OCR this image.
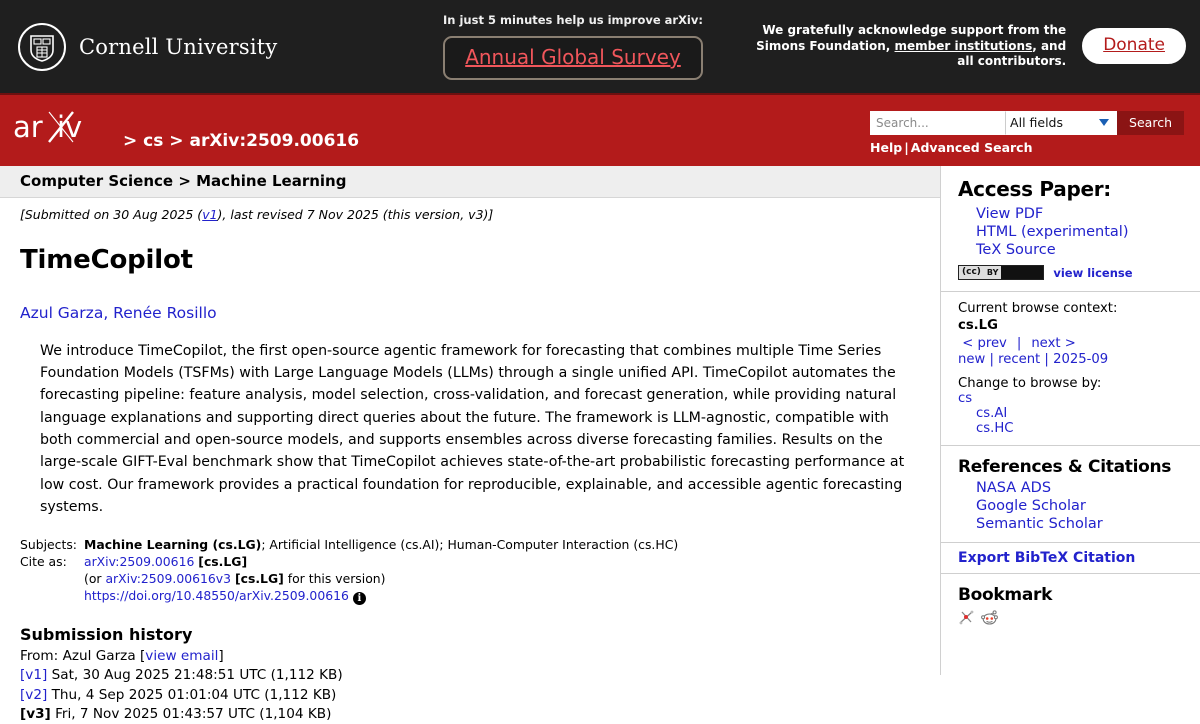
Cornell University
In just 5 minutes help us improve arXiv:
Annual Global Survey
We gratefully acknowledge support from the
Simons Foundation, member institutions, and
all contributors.
Donate
ar iv > cs > arXiv:2509.00616
Search...
All fields	Search
Help | Advanced Search
Computer Science > Machine Learning
[Submitted on 30 Aug 2025 (v1), last revised 7 Nov 2025 (this version, v3)]
TimeCopilot
Azul Garza, Renée Rosillo
We introduce TimeCopilot, the first open-source agentic framework for forecasting that combines multiple Time Series Foundation Models (TSFMs) with Large Language Models (LLMs) through a single unified API. TimeCopilot automates the forecasting pipeline: feature analysis, model selection, cross-validation, and forecast generation, while providing natural language explanations and supporting direct queries about the future. The framework is LLM-agnostic, compatible with both commercial and open-source models, and supports ensembles across diverse forecasting families. Results on the large-scale GIFT-Eval benchmark show that TimeCopilot achieves state-of-the-art probabilistic forecasting performance at low cost. Our framework provides a practical foundation for reproducible, explainable, and accessible agentic forecasting systems.
Subjects:	Machine Learning (cs.LG); Artificial Intelligence (cs.AI); Human-Computer Interaction (cs.HC)
Cite as:	arXiv:2509.00616 [cs.LG]
	(or arXiv:2509.00616v3 [cs.LG] for this version)
	https://doi.org/10.48550/arXiv.2509.00616 i
Submission history
From: Azul Garza [view email]
[v1] Sat, 30 Aug 2025 21:48:51 UTC (1,112 KB)
[v2] Thu, 4 Sep 2025 01:01:04 UTC (1,112 KB)
[v3] Fri, 7 Nov 2025 01:43:57 UTC (1,104 KB)
Access Paper:
View PDF
HTML (experimental)
TeX Source
(cc) BY	view license
Current browse context:
cs.LG
< prev | next >
new | recent | 2025-09
Change to browse by:
cs
cs.AI
cs.HC
References & Citations
NASA ADS
Google Scholar
Semantic Scholar
Export BibTeX Citation
Bookmark
